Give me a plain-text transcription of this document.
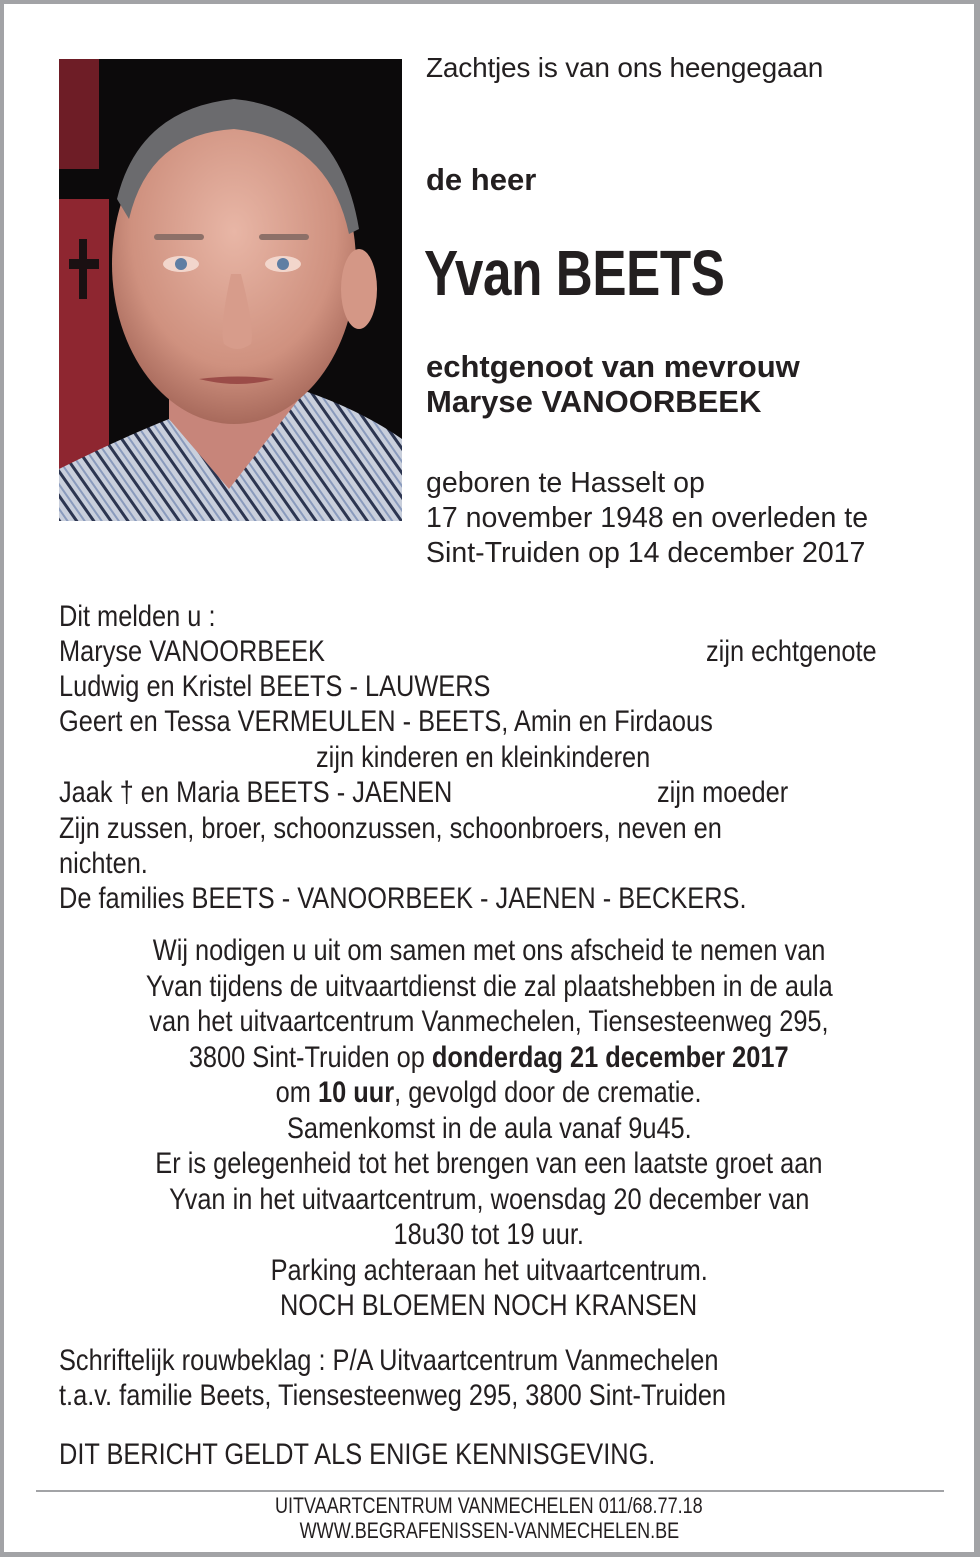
Zachtjes is van ons heengegaan
de heer
Yvan BEETS
echtgenoot van mevrouw
Maryse VANOORBEEK
geboren te Hasselt op
17 november 1948 en overleden te
Sint-Truiden op 14 december 2017
Dit melden u :
Maryse VANOORBEEK	zijn echtgenote
Ludwig en Kristel BEETS - LAUWERS
Geert en Tessa VERMEULEN - BEETS, Amin en Firdaous
zijn kinderen en kleinkinderen
Jaak † en Maria BEETS - JAENEN	zijn moeder
Zijn zussen, broer, schoonzussen, schoonbroers, neven en
nichten.
De families BEETS - VANOORBEEK - JAENEN - BECKERS.
Wij nodigen u uit om samen met ons afscheid te nemen van
Yvan tijdens de uitvaartdienst die zal plaatshebben in de aula
van het uitvaartcentrum Vanmechelen, Tiensesteenweg 295,
3800 Sint-Truiden op donderdag 21 december 2017
om 10 uur, gevolgd door de crematie.
Samenkomst in de aula vanaf 9u45.
Er is gelegenheid tot het brengen van een laatste groet aan
Yvan in het uitvaartcentrum, woensdag 20 december van
18u30 tot 19 uur.
Parking achteraan het uitvaartcentrum.
NOCH BLOEMEN NOCH KRANSEN
Schriftelijk rouwbeklag : P/A Uitvaartcentrum Vanmechelen
t.a.v. familie Beets, Tiensesteenweg 295, 3800 Sint-Truiden
DIT BERICHT GELDT ALS ENIGE KENNISGEVING.
UITVAARTCENTRUM VANMECHELEN 011/68.77.18
WWW.BEGRAFENISSEN-VANMECHELEN.BE
